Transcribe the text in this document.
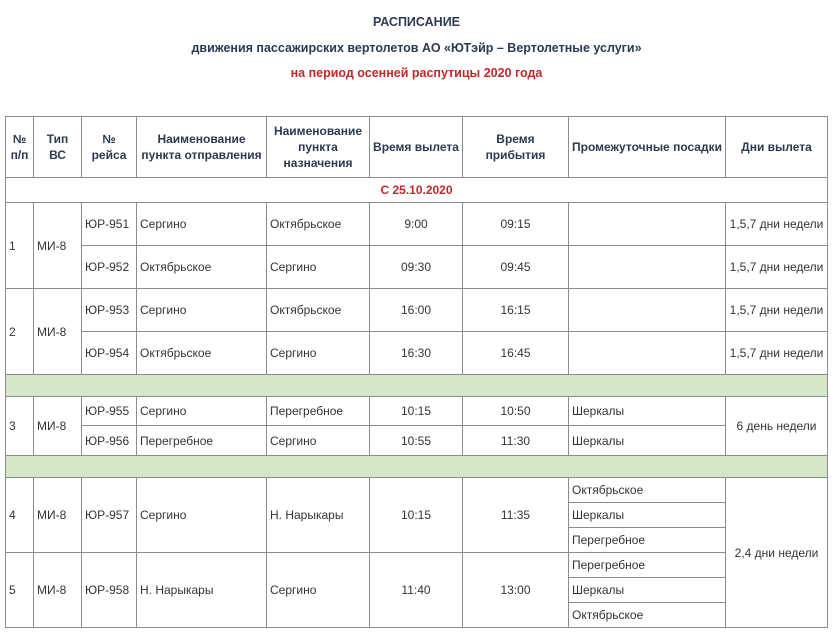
РАСПИСАНИЕ
движения пассажирских вертолетов АО «ЮТэйр – Вертолетные услуги»
на период осенней распутицы 2020 года
№ п/п	Тип ВС	№ рейса	Наименование пункта отправления	Наименование пункта назначения	Время вылета	Время прибытия	Промежуточные посадки	Дни вылета
С 25.10.2020								
1	МИ-8	ЮР-951	Сергино	Октябрьское	9:00	09:15		1,5,7 дни недели
		ЮР-952	Октябрьское	Сергино	09:30	09:45		1,5,7 дни недели
2	МИ-8	ЮР-953	Сергино	Октябрьское	16:00	16:15		1,5,7 дни недели
		ЮР-954	Октябрьское	Сергино	16:30	16:45		1,5,7 дни недели

3	МИ-8	ЮР-955	Сергино	Перегребное	10:15	10:50	Шеркалы	6 день недели
		ЮР-956	Перегребное	Сергино	10:55	11:30	Шеркалы	

4	МИ-8	ЮР-957	Сергино	Н. Нарыкары	10:15	11:35	Октябрьское	2,4 дни недели
							Шеркалы	
							Перегребное	
5	МИ-8	ЮР-958	Н. Нарыкары	Сергино	11:40	13:00	Перегребное	
							Шеркалы	
							Октябрьское	
